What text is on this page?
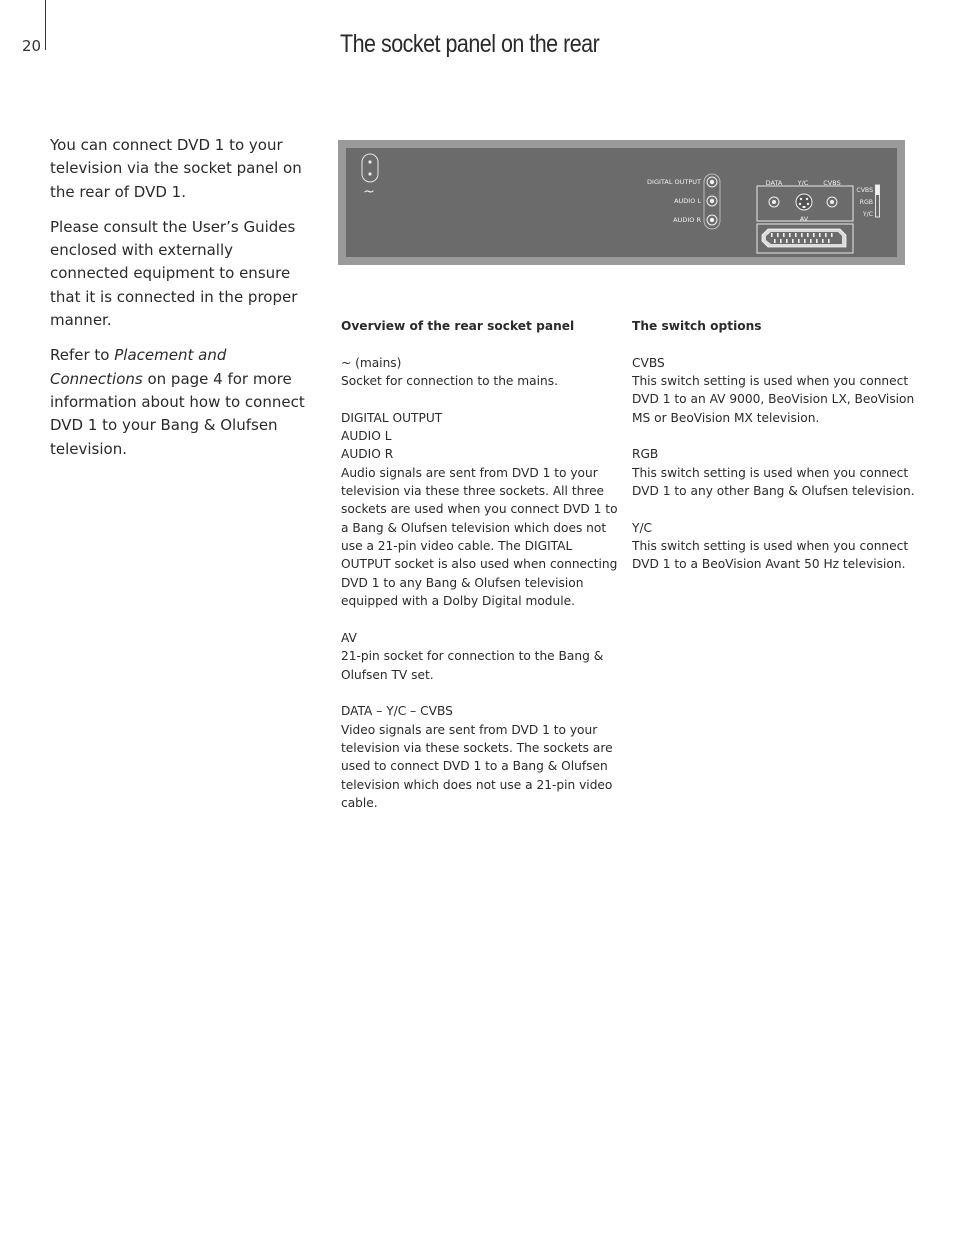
20	The socket panel on the rear

You can connect DVD 1 to your television via the socket panel on the rear of DVD 1.

Please consult the User’s Guides enclosed with externally connected equipment to ensure that it is connected in the proper manner.

Refer to Placement and Connections on page 4 for more information about how to connect DVD 1 to your Bang & Olufsen television.

~
DIGITAL OUTPUT
AUDIO L
AUDIO R
DATA Y/C CVBS
AV
CVBS
RGB
Y/C
Overview of the rear socket panel
~ (mains)

Socket for connection to the mains.

DIGITAL OUTPUT
AUDIO L
AUDIO R

Audio signals are sent from DVD 1 to your television via these three sockets. All three sockets are used when you connect DVD 1 to a Bang & Olufsen television which does not use a 21-pin video cable. The DIGITAL OUTPUT socket is also used when connecting DVD 1 to any Bang & Olufsen television equipped with a Dolby Digital module.

AV

21-pin socket for connection to the Bang & Olufsen TV set.

DATA – Y/C – CVBS

Video signals are sent from DVD 1 to your television via these sockets. The sockets are used to connect DVD 1 to a Bang & Olufsen television which does not use a 21-pin video cable.

The switch options
CVBS

This switch setting is used when you connect DVD 1 to an AV 9000, BeoVision LX, BeoVision MS or BeoVision MX television.

RGB

This switch setting is used when you connect DVD 1 to any other Bang & Olufsen television.

Y/C

This switch setting is used when you connect DVD 1 to a BeoVision Avant 50 Hz television.
